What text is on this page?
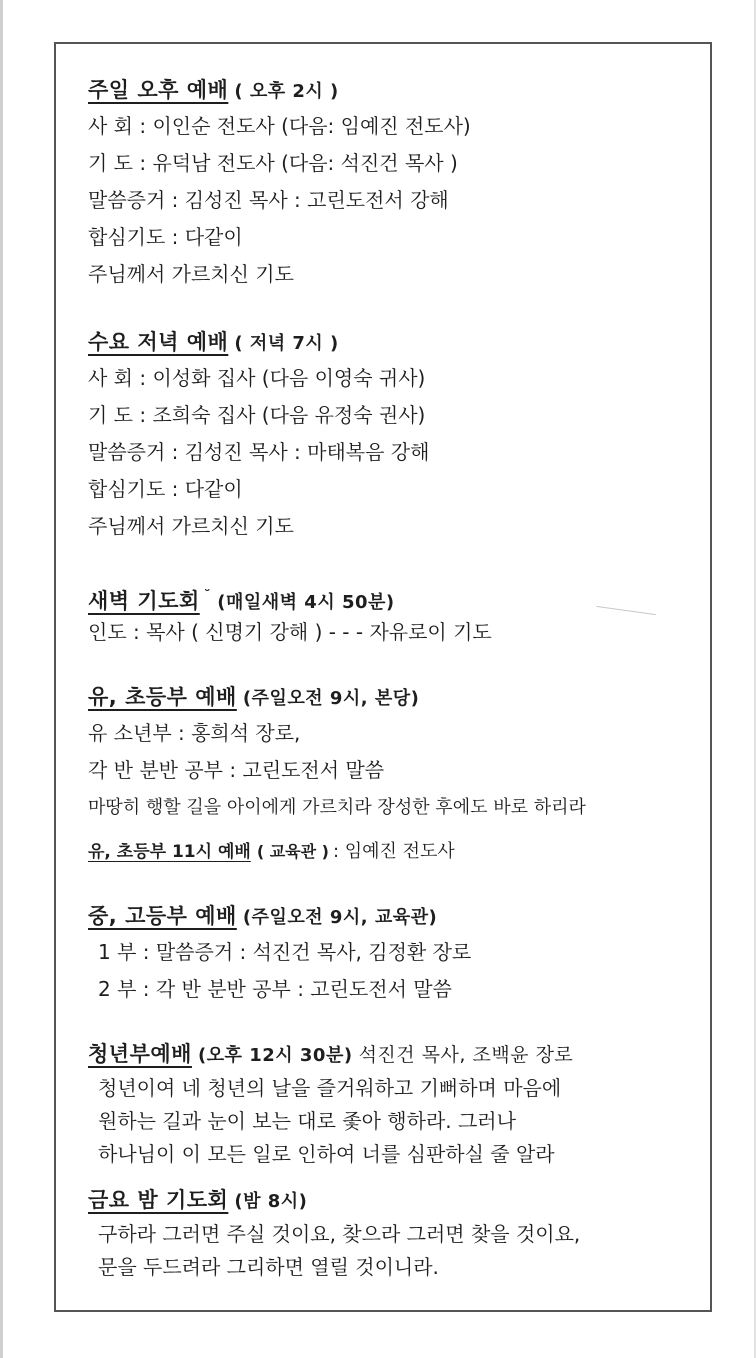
주일 오후 예배 ( 오후 2시 )
사 회 : 이인순 전도사 (다음: 임예진 전도사)
기 도 : 유덕남 전도사 (다음: 석진건 목사 )
말씀증거 : 김성진 목사 : 고린도전서 강해
합심기도 : 다같이
주님께서 가르치신 기도
수요 저녁 예배 ( 저녁 7시 )
사 회 : 이성화 집사 (다음 이영숙 귀사)
기 도 : 조희숙 집사 (다음 유정숙 권사)
말씀증거 : 김성진 목사 : 마태복음 강해
합심기도 : 다같이
주님께서 가르치신 기도
새벽 기도회 ˘ (매일새벽 4시 50분)
인도 : 목사 ( 신명기 강해 ) - - - 자유로이 기도
유, 초등부 예배 (주일오전 9시, 본당)
유 소년부 : 홍희석 장로,
각 반 분반 공부 : 고린도전서 말씀
마땅히 행할 길을 아이에게 가르치라 장성한 후에도 바로 하리라
유, 초등부 11시 예배 ( 교육관 ) : 임예진 전도사
중, 고등부 예배 (주일오전 9시, 교육관)
1 부 : 말씀증거 : 석진건 목사, 김정환 장로
2 부 : 각 반 분반 공부 : 고린도전서 말씀
청년부예배 (오후 12시 30분) 석진건 목사, 조백윤 장로
청년이여 네 청년의 날을 즐거워하고 기뻐하며 마음에
원하는 길과 눈이 보는 대로 좇아 행하라. 그러나
하나님이 이 모든 일로 인하여 너를 심판하실 줄 알라
금요 밤 기도회 (밤 8시)
구하라 그러면 주실 것이요, 찾으라 그러면 찾을 것이요,
문을 두드려라 그리하면 열릴 것이니라.
